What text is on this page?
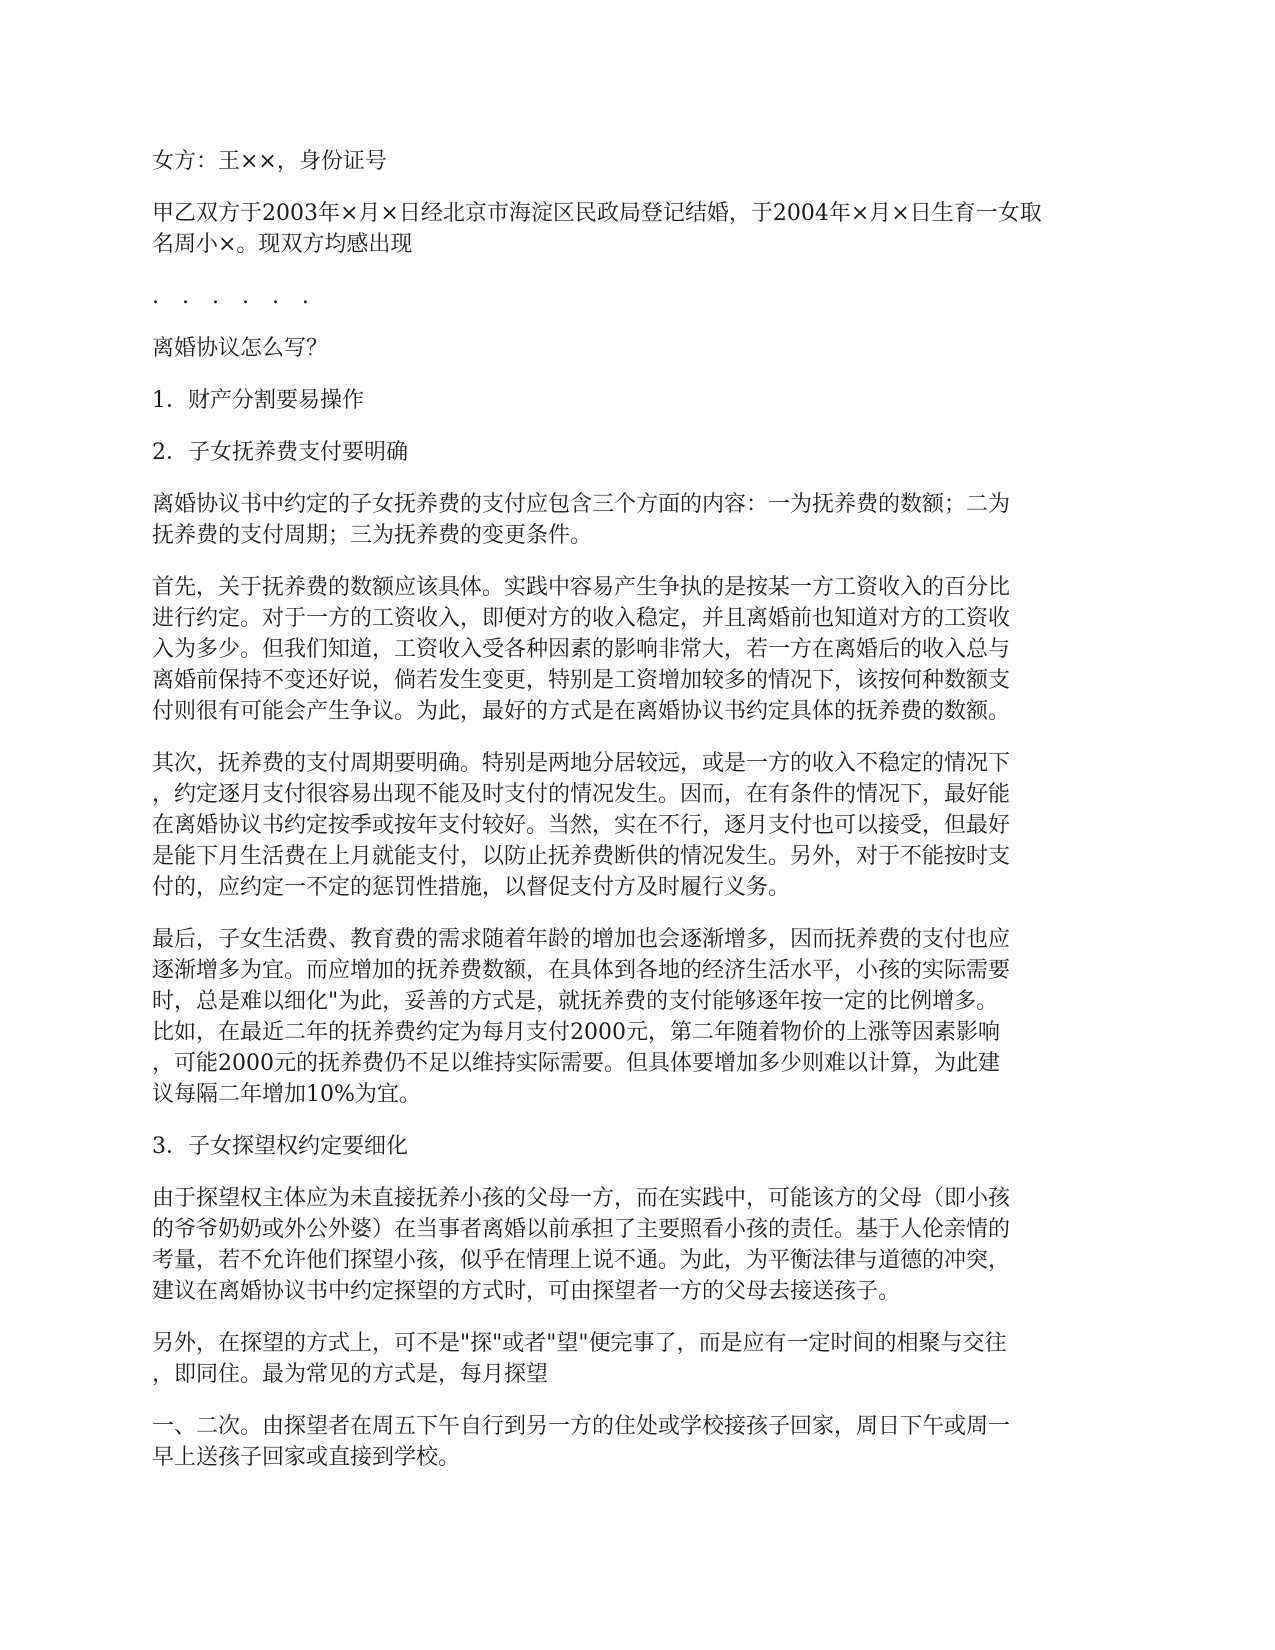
女方：王××，身份证号

甲乙双方于2003年×月×日经北京市海淀区民政局登记结婚，于2004年×月×日生育一女取
名周小×。现双方均感出现

. . . . . .

离婚协议怎么写？

1．财产分割要易操作

2．子女抚养费支付要明确

离婚协议书中约定的子女抚养费的支付应包含三个方面的内容：一为抚养费的数额；二为
抚养费的支付周期；三为抚养费的变更条件。

首先，关于抚养费的数额应该具体。实践中容易产生争执的是按某一方工资收入的百分比
进行约定。对于一方的工资收入，即便对方的收入稳定，并且离婚前也知道对方的工资收
入为多少。但我们知道，工资收入受各种因素的影响非常大，若一方在离婚后的收入总与
离婚前保持不变还好说，倘若发生变更，特别是工资增加较多的情况下，该按何种数额支
付则很有可能会产生争议。为此，最好的方式是在离婚协议书约定具体的抚养费的数额。

其次，抚养费的支付周期要明确。特别是两地分居较远，或是一方的收入不稳定的情况下
，约定逐月支付很容易出现不能及时支付的情况发生。因而，在有条件的情况下，最好能
在离婚协议书约定按季或按年支付较好。当然，实在不行，逐月支付也可以接受，但最好
是能下月生活费在上月就能支付，以防止抚养费断供的情况发生。另外，对于不能按时支
付的，应约定一不定的惩罚性措施，以督促支付方及时履行义务。

最后，子女生活费、教育费的需求随着年龄的增加也会逐渐增多，因而抚养费的支付也应
逐渐增多为宜。而应增加的抚养费数额，在具体到各地的经济生活水平，小孩的实际需要
时，总是难以细化"为此，妥善的方式是，就抚养费的支付能够逐年按一定的比例增多。
比如，在最近二年的抚养费约定为每月支付2000元，第二年随着物价的上涨等因素影响
，可能2000元的抚养费仍不足以维持实际需要。但具体要增加多少则难以计算，为此建
议每隔二年增加10%为宜。

3．子女探望权约定要细化

由于探望权主体应为未直接抚养小孩的父母一方，而在实践中，可能该方的父母（即小孩
的爷爷奶奶或外公外婆）在当事者离婚以前承担了主要照看小孩的责任。基于人伦亲情的
考量，若不允许他们探望小孩，似乎在情理上说不通。为此，为平衡法律与道德的冲突，
建议在离婚协议书中约定探望的方式时，可由探望者一方的父母去接送孩子。

另外，在探望的方式上，可不是"探"或者"望"便完事了，而是应有一定时间的相聚与交往
，即同住。最为常见的方式是，每月探望

一、二次。由探望者在周五下午自行到另一方的住处或学校接孩子回家，周日下午或周一
早上送孩子回家或直接到学校。
